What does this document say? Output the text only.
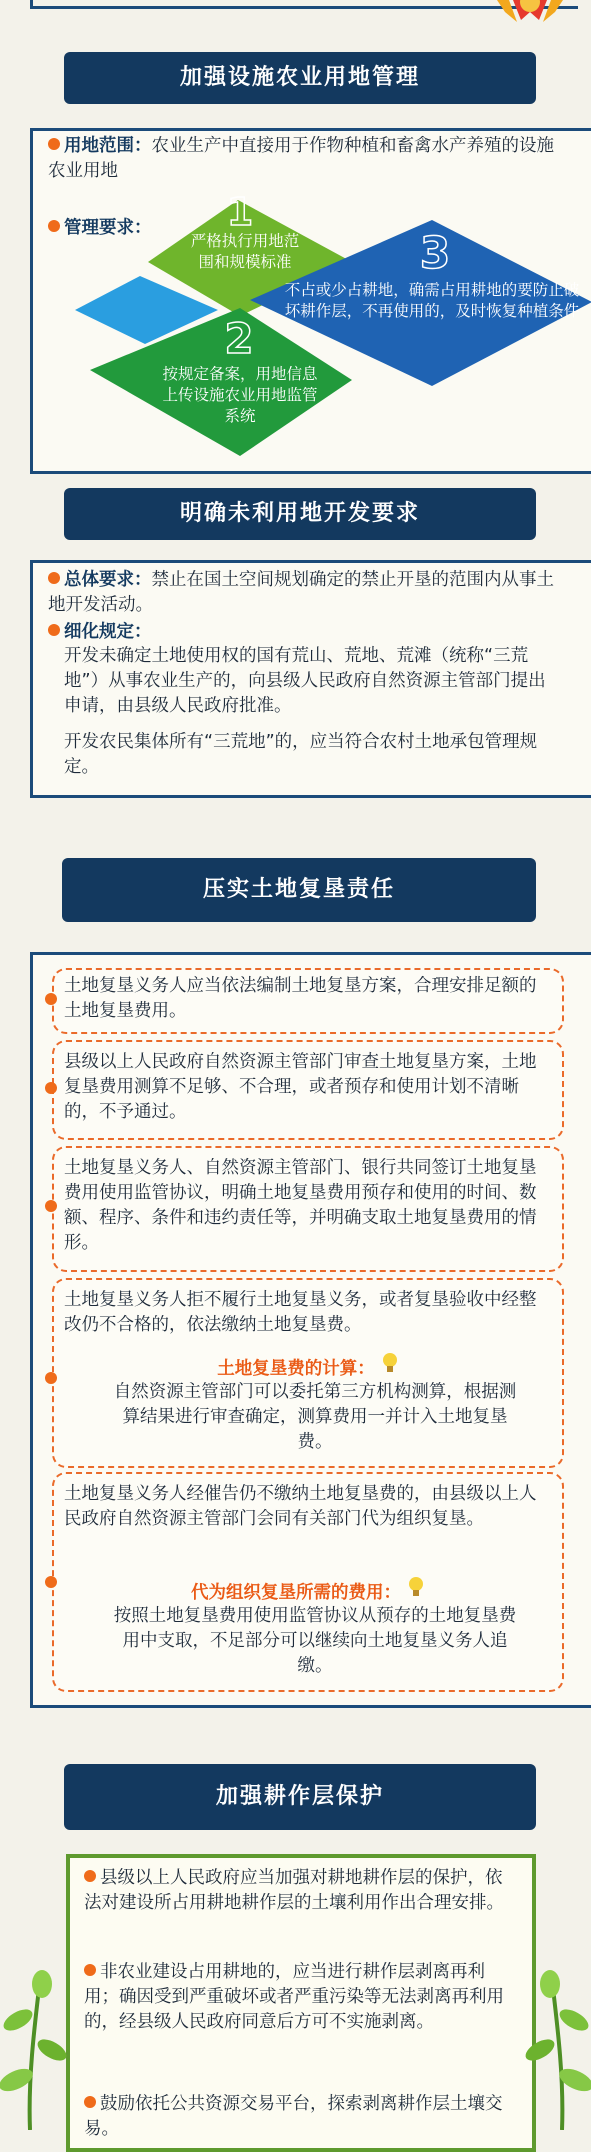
加强设施农业用地管理
用地范围：农业生产中直接用于作物种植和畜禽水产养殖的设施农业用地
管理要求： 1
严格执行用地范围和规模标准	3
不占或少占耕地，确需占用耕地的要防止破坏耕作层，不再使用的，及时恢复种植条件
2
按规定备案，用地信息上传设施农业用地监管系统
明确未利用地开发要求
总体要求：禁止在国土空间规划确定的禁止开垦的范围内从事土地开发活动。
细化规定：
开发未确定土地使用权的国有荒山、荒地、荒滩（统称“三荒地”）从事农业生产的，向县级人民政府自然资源主管部门提出申请，由县级人民政府批准。
开发农民集体所有“三荒地”的，应当符合农村土地承包管理规定。
压实土地复垦责任
土地复垦义务人应当依法编制土地复垦方案，合理安排足额的土地复垦费用。
县级以上人民政府自然资源主管部门审查土地复垦方案，土地复垦费用测算不足够、不合理，或者预存和使用计划不清晰的，不予通过。
土地复垦义务人、自然资源主管部门、银行共同签订土地复垦费用使用监管协议，明确土地复垦费用预存和使用的时间、数额、程序、条件和违约责任等，并明确支取土地复垦费用的情形。
土地复垦义务人拒不履行土地复垦义务，或者复垦验收中经整改仍不合格的，依法缴纳土地复垦费。
土地复垦费的计算：
自然资源主管部门可以委托第三方机构测算，根据测算结果进行审查确定，测算费用一并计入土地复垦费。
土地复垦义务人经催告仍不缴纳土地复垦费的，由县级以上人民政府自然资源主管部门会同有关部门代为组织复垦。
代为组织复垦所需的费用：
按照土地复垦费用使用监管协议从预存的土地复垦费用中支取，不足部分可以继续向土地复垦义务人追缴。
加强耕作层保护
县级以上人民政府应当加强对耕地耕作层的保护，依法对建设所占用耕地耕作层的土壤利用作出合理安排。
非农业建设占用耕地的，应当进行耕作层剥离再利用；确因受到严重破坏或者严重污染等无法剥离再利用的，经县级人民政府同意后方可不实施剥离。
鼓励依托公共资源交易平台，探索剥离耕作层土壤交易。
